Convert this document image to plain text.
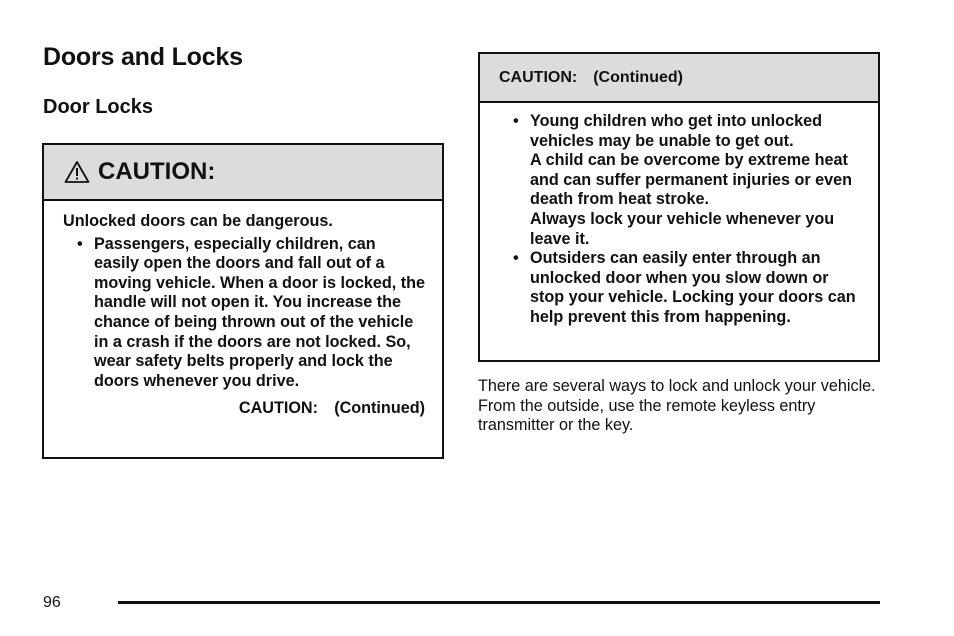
Doors and Locks
Door Locks
CAUTION:
Unlocked doors can be dangerous.
• Passengers, especially children, can easily open the doors and fall out of a moving vehicle. When a door is locked, the handle will not open it. You increase the chance of being thrown out of the vehicle in a crash if the doors are not locked. So, wear safety belts properly and lock the doors whenever you drive.

CAUTION: (Continued)
CAUTION: (Continued)
• Young children who get into unlocked vehicles may be unable to get out.

A child can be overcome by extreme heat and can suffer permanent injuries or even death from heat stroke.

Always lock your vehicle whenever you leave it.

• Outsiders can easily enter through an unlocked door when you slow down or stop your vehicle. Locking your doors can help prevent this from happening.

There are several ways to lock and unlock your vehicle. From the outside, use the remote keyless entry transmitter or the key.

96
